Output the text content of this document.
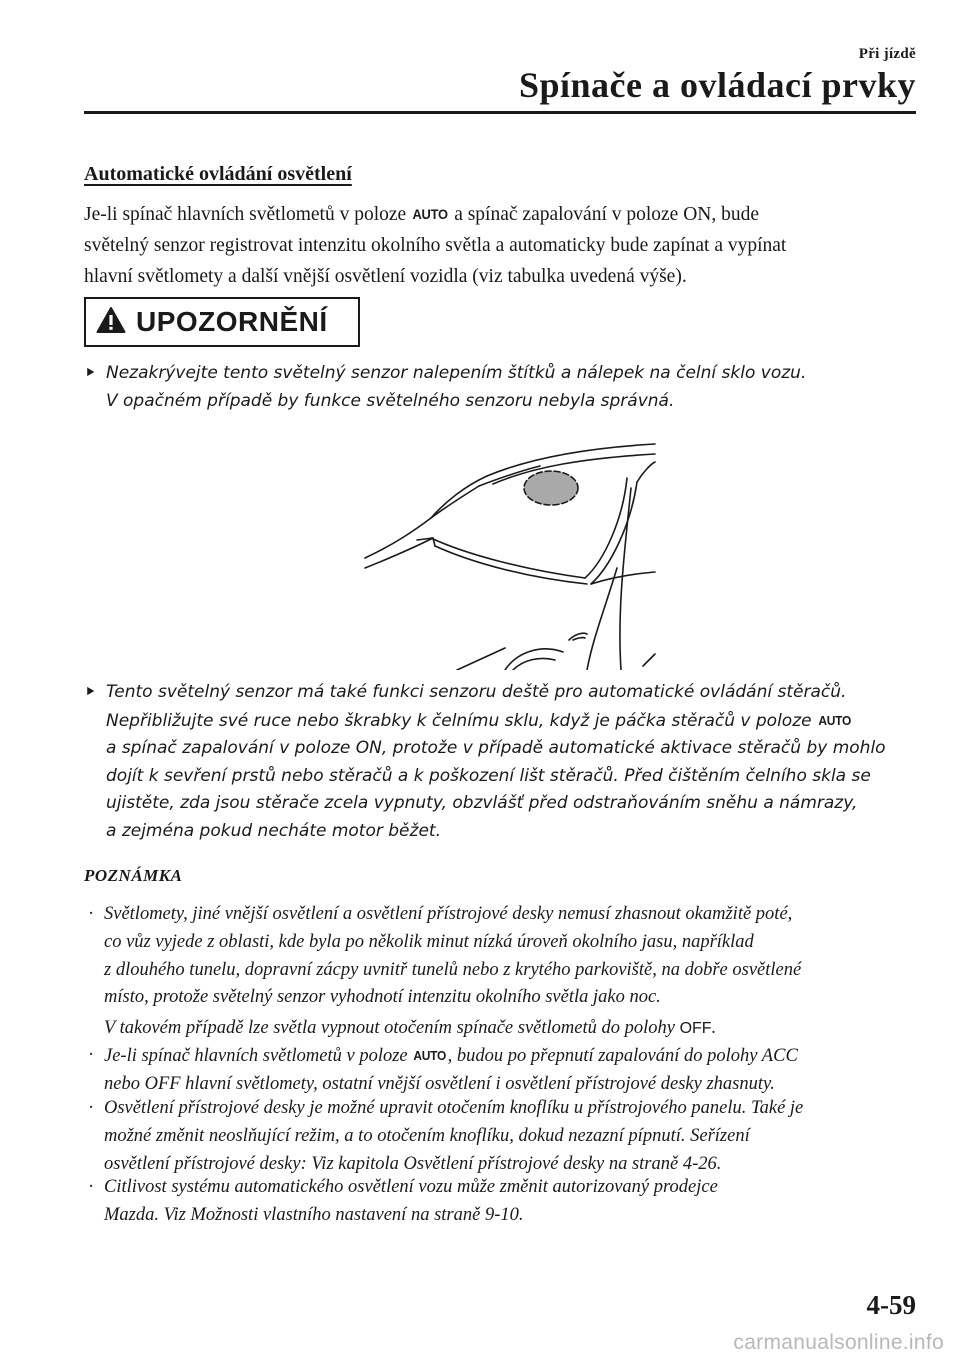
Při jízdě
Spínače a ovládací prvky
Automatické ovládání osvětlení
Je-li spínač hlavních světlometů v poloze AUTO a spínač zapalování v poloze ON, bude
světelný senzor registrovat intenzitu okolního světla a automaticky bude zapínat a vypínat
hlavní světlomety a další vnější osvětlení vozidla (viz tabulka uvedená výše).
UPOZORNĚNÍ
⯈ Nezakrývejte tento světelný senzor nalepením štítků a nálepek na čelní sklo vozu.
V opačném případě by funkce světelného senzoru nebyla správná.
⯈ Tento světelný senzor má také funkci senzoru deště pro automatické ovládání stěračů.
Nepřibližujte své ruce nebo škrabky k čelnímu sklu, když je páčka stěračů v poloze AUTO
a spínač zapalování v poloze ON, protože v případě automatické aktivace stěračů by mohlo
dojít k sevření prstů nebo stěračů a k poškození lišt stěračů. Před čištěním čelního skla se
ujistěte, zda jsou stěrače zcela vypnuty, obzvlášť před odstraňováním sněhu a námrazy,
a zejména pokud necháte motor běžet.
POZNÁMKA
· Světlomety, jiné vnější osvětlení a osvětlení přístrojové desky nemusí zhasnout okamžitě poté,
co vůz vyjede z oblasti, kde byla po několik minut nízká úroveň okolního jasu, například
z dlouhého tunelu, dopravní zácpy uvnitř tunelů nebo z krytého parkoviště, na dobře osvětlené
místo, protože světelný senzor vyhodnotí intenzitu okolního světla jako noc.
V takovém případě lze světla vypnout otočením spínače světlometů do polohy OFF.
· Je-li spínač hlavních světlometů v poloze AUTO, budou po přepnutí zapalování do polohy ACC
nebo OFF hlavní světlomety, ostatní vnější osvětlení i osvětlení přístrojové desky zhasnuty.
· Osvětlení přístrojové desky je možné upravit otočením knoflíku u přístrojového panelu. Také je
možné změnit neoslňující režim, a to otočením knoflíku, dokud nezazní pípnutí. Seřízení
osvětlení přístrojové desky: Viz kapitola Osvětlení přístrojové desky na straně 4-26.
· Citlivost systému automatického osvětlení vozu může změnit autorizovaný prodejce
Mazda. Viz Možnosti vlastního nastavení na straně 9-10.
4-59
carmanualsonline.info
